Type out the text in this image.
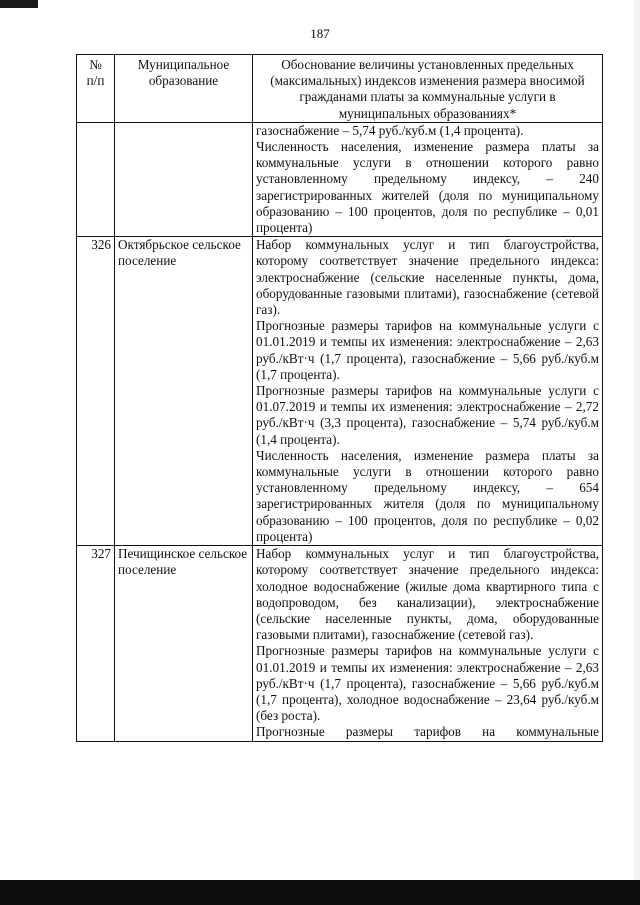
187
№
п/п	Муниципальное образование	Обоснование величины установленных предельных (максимальных) индексов изменения размера вносимой гражданами платы за коммунальные услуги в муниципальных образованиях*

		газоснабжение – 5,74 руб./куб.м (1,4 процента).
Численность населения, изменение размера платы за коммунальные услуги в отношении которого равно установленному предельному индексу, – 240 зарегистрированных жителей (доля по муниципальному образованию – 100 процентов, доля по республике – 0,01 процента)

326	Октябрьское сельское поселение	Набор коммунальных услуг и тип благоустройства, которому соответствует значение предельного индекса: электроснабжение (сельские населенные пункты, дома, оборудованные газовыми плитами), газоснабжение (сетевой газ).
Прогнозные размеры тарифов на коммунальные услуги с 01.01.2019 и темпы их изменения: электроснабжение – 2,63 руб./кВт·ч (1,7 процента), газоснабжение – 5,66 руб./куб.м (1,7 процента).
Прогнозные размеры тарифов на коммунальные услуги с 01.07.2019 и темпы их изменения: электроснабжение – 2,72 руб./кВт·ч (3,3 процента), газоснабжение – 5,74 руб./куб.м (1,4 процента).
Численность населения, изменение размера платы за коммунальные услуги в отношении которого равно установленному предельному индексу, – 654 зарегистрированных жителя (доля по муниципальному образованию – 100 процентов, доля по республике – 0,02 процента)

327	Печищинское сельское поселение	Набор коммунальных услуг и тип благоустройства, которому соответствует значение предельного индекса: холодное водоснабжение (жилые дома квартирного типа с водопроводом, без канализации), электроснабжение (сельские населенные пункты, дома, оборудованные газовыми плитами), газоснабжение (сетевой газ).
Прогнозные размеры тарифов на коммунальные услуги с 01.01.2019 и темпы их изменения: электроснабжение – 2,63 руб./кВт·ч (1,7 процента), газоснабжение – 5,66 руб./куб.м (1,7 процента), холодное водоснабжение – 23,64 руб./куб.м (без роста).
Прогнозные размеры тарифов на коммунальные
